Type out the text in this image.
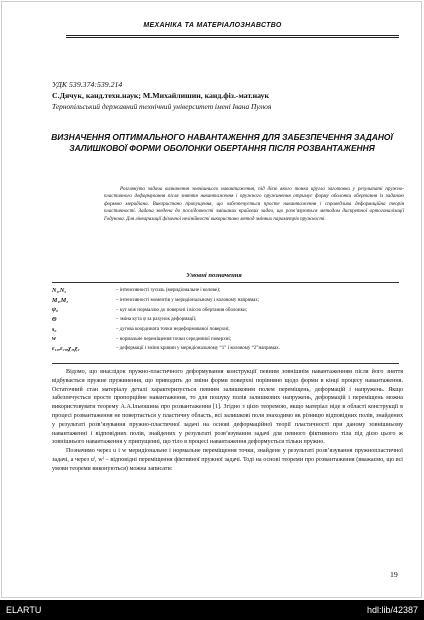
МЕХАНІКА ТА МАТЕРІАЛОЗНАВСТВО
УДК 539.374:539.214
С.Дячук, канд.техн.наук; М.Михайлишин, канд.фіз.-мат.наук
Тернопільський державний технічний університет імені Івана Пулюя
ВИЗНАЧЕННЯ ОПТИМАЛЬНОГО НАВАНТАЖЕННЯ ДЛЯ ЗАБЕЗПЕЧЕННЯ ЗАДАНОЇ ЗАЛИШКОВОЇ ФОРМИ ОБОЛОНКИ ОБЕРТАННЯ ПІСЛЯ РОЗВАНТАЖЕННЯ
Розглянута задача визначення зовнішнього навантаження, під дією якого тонка кругла заготовка у результаті пружно-пластичного деформування після зняття навантаження і пружного пружинення отримує форму оболонки обертання із заданою формою меридіана. Використано припущення, що забезпечується просте навантаження і справедлива деформаційна теорія пластичності. Задача зведена до послідовності змішаних крайових задач, що розв’язуються методом дискретної ортогоналізації Годунова. Для лінеаризації фізичної нелінійності використано метод змінних параметрів пружності.
Умовні позначення
N₁,N₂	– інтенсивності зусиль (меридіональне і колове);
M₁,M₂	– інтенсивності моментів у меридіональному і коловому напрямах;
ψ₀	– кут між нормаллю до поверхні і віссю обертання оболонки;
Θ	– зміна кута ψ за рахунок деформації;
s₀	– дугова координата точки недеформованої поверхні;
w	– нормальне переміщення точки серединної поверхні;
ε₁₀,ε₂₀,χ₁,χ₂	– деформації і зміни кривин у меридіональному “1” і коловому “2”напрямах.

Відомо, що внаслідок пружно-пластичного деформування конструкції певним зовнішнім навантаженням після його зняття відбувається пружне пружинення, що приводить до зміни форми поверхні порівняно щодо форми в кінці процесу навантаження. Остаточний стан матеріалу деталі характеризується певним залишковим полем переміщень, деформацій і напружень. Якщо забезпечується просте пропорційне навантаження, то для пошуку полів залишкових напружень, деформацій і переміщень можна використовувати теорему А.А.Ільюшина про розвантаження [1]. Згідно з цією теоремою, якщо матеріал ніде в області конструкції в процесі розвантаження не повертається у пластичну область, всі залишкові поля знаходимо як різницю відповідних полів, знайдених у результаті розв’язування пружно-пластичної задачі на основі деформаційної теорії пластичності при даному зовнішньому навантаженні і відповідних полів, знайдених у результаті розв’язування задачі для певного фіктивного тіла під дією цього ж зовнішнього навантаження у припущенні, що тіло в процесі навантаження деформується тільки пружно.

Позначимо через u і w меридіональне і нормальне переміщення точки, знайдене у результаті розв’язування пружнопластичної задачі, а через uᶠ, wᶠ – відповідні переміщення фіктивної пружної задачі. Тоді на основі теореми про розвантаження (вважаємо, що всі умови теореми виконуються) можна записати:

19
ELARTU	hdl:lib/42387
